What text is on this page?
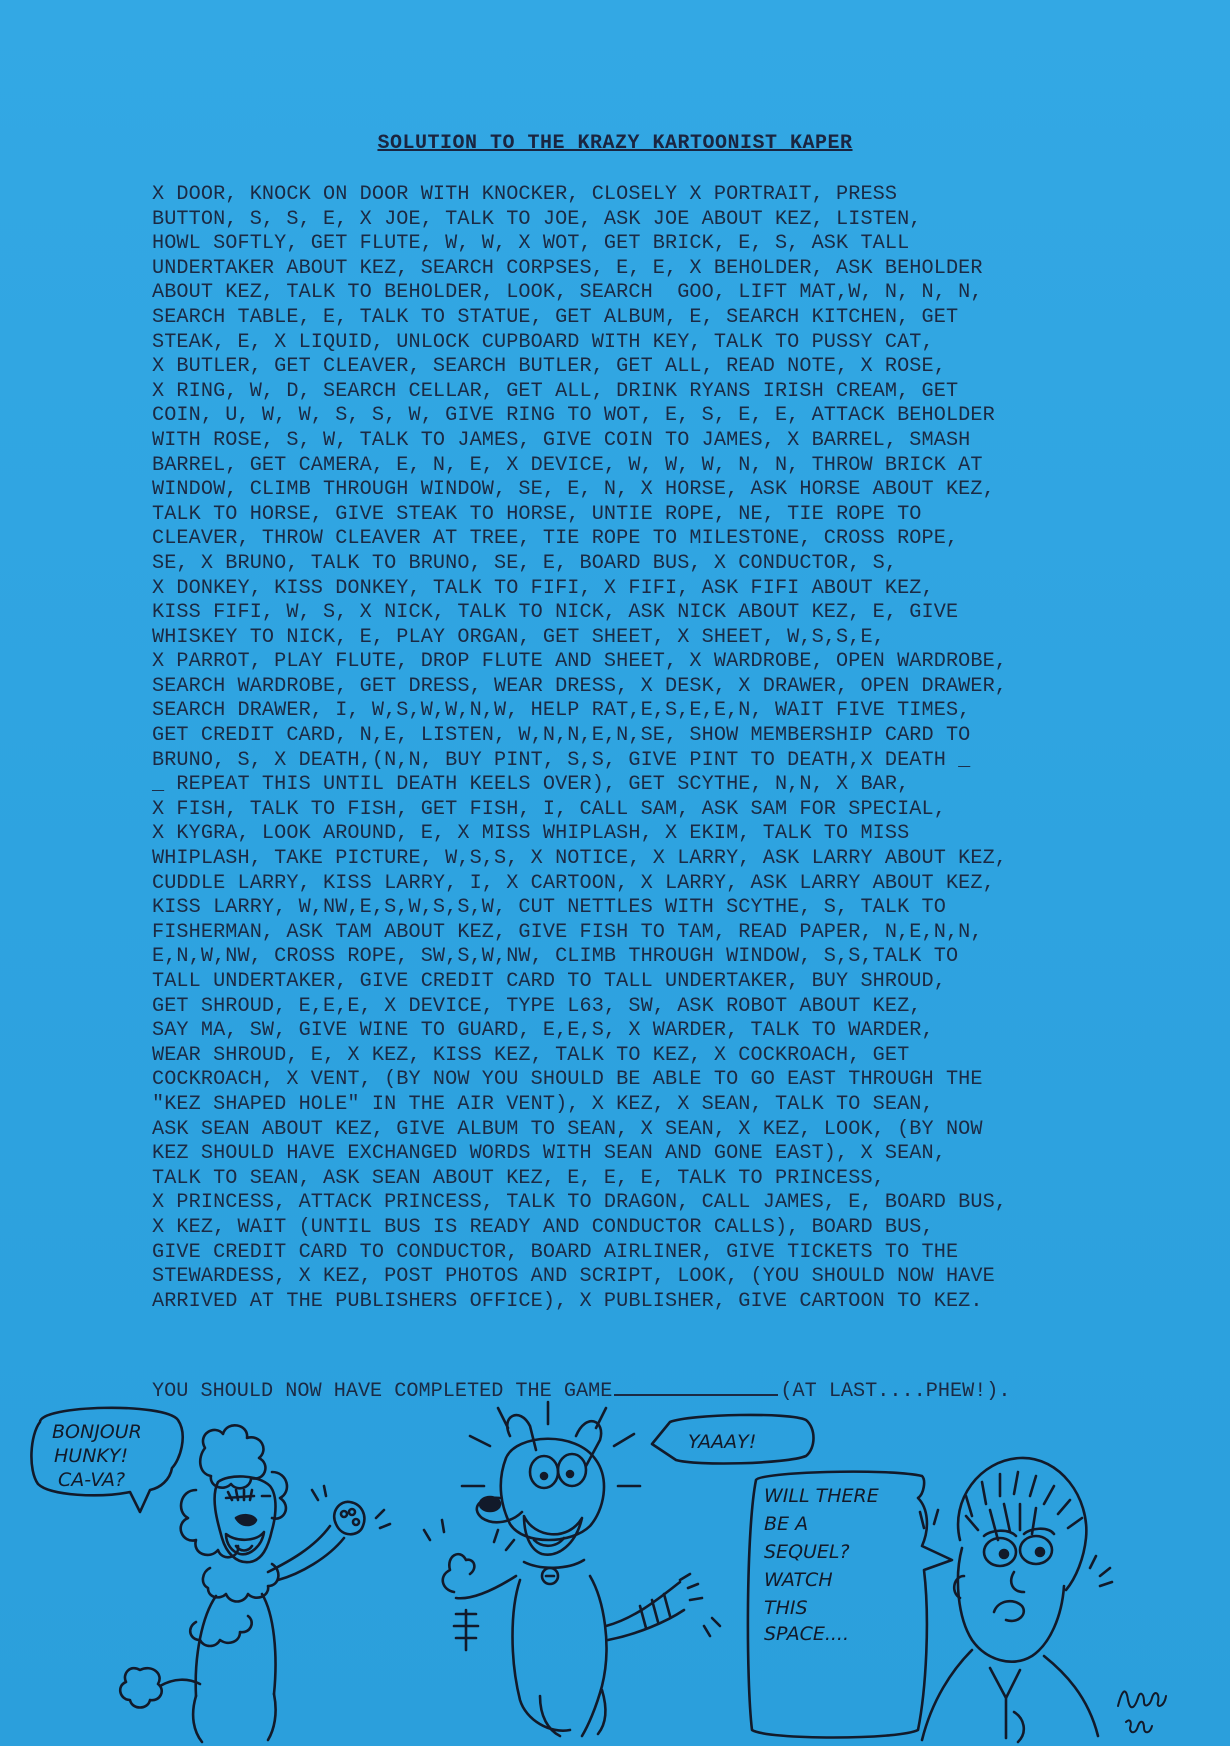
SOLUTION TO THE KRAZY KARTOONIST KAPER
X DOOR, KNOCK ON DOOR WITH KNOCKER, CLOSELY X PORTRAIT, PRESS
BUTTON, S, S, E, X JOE, TALK TO JOE, ASK JOE ABOUT KEZ, LISTEN,
HOWL SOFTLY, GET FLUTE, W, W, X WOT, GET BRICK, E, S, ASK TALL
UNDERTAKER ABOUT KEZ, SEARCH CORPSES, E, E, X BEHOLDER, ASK BEHOLDER
ABOUT KEZ, TALK TO BEHOLDER, LOOK, SEARCH  GOO, LIFT MAT,W, N, N, N,
SEARCH TABLE, E, TALK TO STATUE, GET ALBUM, E, SEARCH KITCHEN, GET
STEAK, E, X LIQUID, UNLOCK CUPBOARD WITH KEY, TALK TO PUSSY CAT,
X BUTLER, GET CLEAVER, SEARCH BUTLER, GET ALL, READ NOTE, X ROSE,
X RING, W, D, SEARCH CELLAR, GET ALL, DRINK RYANS IRISH CREAM, GET
COIN, U, W, W, S, S, W, GIVE RING TO WOT, E, S, E, E, ATTACK BEHOLDER
WITH ROSE, S, W, TALK TO JAMES, GIVE COIN TO JAMES, X BARREL, SMASH
BARREL, GET CAMERA, E, N, E, X DEVICE, W, W, W, N, N, THROW BRICK AT
WINDOW, CLIMB THROUGH WINDOW, SE, E, N, X HORSE, ASK HORSE ABOUT KEZ,
TALK TO HORSE, GIVE STEAK TO HORSE, UNTIE ROPE, NE, TIE ROPE TO
CLEAVER, THROW CLEAVER AT TREE, TIE ROPE TO MILESTONE, CROSS ROPE,
SE, X BRUNO, TALK TO BRUNO, SE, E, BOARD BUS, X CONDUCTOR, S,
X DONKEY, KISS DONKEY, TALK TO FIFI, X FIFI, ASK FIFI ABOUT KEZ,
KISS FIFI, W, S, X NICK, TALK TO NICK, ASK NICK ABOUT KEZ, E, GIVE
WHISKEY TO NICK, E, PLAY ORGAN, GET SHEET, X SHEET, W,S,S,E,
X PARROT, PLAY FLUTE, DROP FLUTE AND SHEET, X WARDROBE, OPEN WARDROBE,
SEARCH WARDROBE, GET DRESS, WEAR DRESS, X DESK, X DRAWER, OPEN DRAWER,
SEARCH DRAWER, I, W,S,W,W,N,W, HELP RAT,E,S,E,E,N, WAIT FIVE TIMES,
GET CREDIT CARD, N,E, LISTEN, W,N,N,E,N,SE, SHOW MEMBERSHIP CARD TO
BRUNO, S, X DEATH,(N,N, BUY PINT, S,S, GIVE PINT TO DEATH,X DEATH _
_ REPEAT THIS UNTIL DEATH KEELS OVER), GET SCYTHE, N,N, X BAR,
X FISH, TALK TO FISH, GET FISH, I, CALL SAM, ASK SAM FOR SPECIAL,
X KYGRA, LOOK AROUND, E, X MISS WHIPLASH, X EKIM, TALK TO MISS
WHIPLASH, TAKE PICTURE, W,S,S, X NOTICE, X LARRY, ASK LARRY ABOUT KEZ,
CUDDLE LARRY, KISS LARRY, I, X CARTOON, X LARRY, ASK LARRY ABOUT KEZ,
KISS LARRY, W,NW,E,S,W,S,S,W, CUT NETTLES WITH SCYTHE, S, TALK TO
FISHERMAN, ASK TAM ABOUT KEZ, GIVE FISH TO TAM, READ PAPER, N,E,N,N,
E,N,W,NW, CROSS ROPE, SW,S,W,NW, CLIMB THROUGH WINDOW, S,S,TALK TO
TALL UNDERTAKER, GIVE CREDIT CARD TO TALL UNDERTAKER, BUY SHROUD,
GET SHROUD, E,E,E, X DEVICE, TYPE L63, SW, ASK ROBOT ABOUT KEZ,
SAY MA, SW, GIVE WINE TO GUARD, E,E,S, X WARDER, TALK TO WARDER,
WEAR SHROUD, E, X KEZ, KISS KEZ, TALK TO KEZ, X COCKROACH, GET
COCKROACH, X VENT, (BY NOW YOU SHOULD BE ABLE TO GO EAST THROUGH THE
"KEZ SHAPED HOLE" IN THE AIR VENT), X KEZ, X SEAN, TALK TO SEAN,
ASK SEAN ABOUT KEZ, GIVE ALBUM TO SEAN, X SEAN, X KEZ, LOOK, (BY NOW
KEZ SHOULD HAVE EXCHANGED WORDS WITH SEAN AND GONE EAST), X SEAN,
TALK TO SEAN, ASK SEAN ABOUT KEZ, E, E, E, TALK TO PRINCESS,
X PRINCESS, ATTACK PRINCESS, TALK TO DRAGON, CALL JAMES, E, BOARD BUS,
X KEZ, WAIT (UNTIL BUS IS READY AND CONDUCTOR CALLS), BOARD BUS,
GIVE CREDIT CARD TO CONDUCTOR, BOARD AIRLINER, GIVE TICKETS TO THE
STEWARDESS, X KEZ, POST PHOTOS AND SCRIPT, LOOK, (YOU SHOULD NOW HAVE
ARRIVED AT THE PUBLISHERS OFFICE), X PUBLISHER, GIVE CARTOON TO KEZ.
YOU SHOULD NOW HAVE COMPLETED THE GAME	(AT LAST....PHEW!).
BONJOUR
HUNKY!
CA-VA?
YAAAY!
WILL THERE
BE A
SEQUEL?
WATCH
THIS
SPACE....
